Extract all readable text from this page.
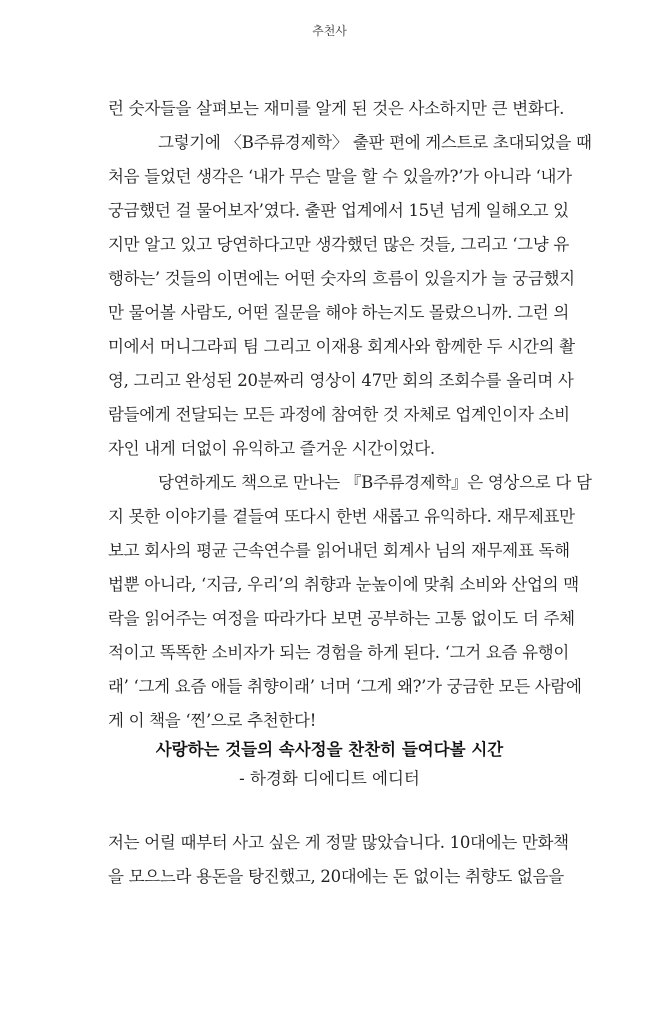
추천사
런 숫자들을 살펴보는 재미를 알게 된 것은 사소하지만 큰 변화다.
그렇기에 〈B주류경제학〉 출판 편에 게스트로 초대되었을 때
처음 들었던 생각은 ‘내가 무슨 말을 할 수 있을까?’가 아니라 ‘내가
궁금했던 걸 물어보자’였다. 출판 업계에서 15년 넘게 일해오고 있
지만 알고 있고 당연하다고만 생각했던 많은 것들, 그리고 ‘그냥 유
행하는’ 것들의 이면에는 어떤 숫자의 흐름이 있을지가 늘 궁금했지
만 물어볼 사람도, 어떤 질문을 해야 하는지도 몰랐으니까. 그런 의
미에서 머니그라피 팀 그리고 이재용 회계사와 함께한 두 시간의 촬
영, 그리고 완성된 20분짜리 영상이 47만 회의 조회수를 올리며 사
람들에게 전달되는 모든 과정에 참여한 것 자체로 업계인이자 소비
자인 내게 더없이 유익하고 즐거운 시간이었다.
당연하게도 책으로 만나는 『B주류경제학』은 영상으로 다 담
지 못한 이야기를 곁들여 또다시 한번 새롭고 유익하다. 재무제표만
보고 회사의 평균 근속연수를 읽어내던 회계사 님의 재무제표 독해
법뿐 아니라, ‘지금, 우리’의 취향과 눈높이에 맞춰 소비와 산업의 맥
락을 읽어주는 여정을 따라가다 보면 공부하는 고통 없이도 더 주체
적이고 똑똑한 소비자가 되는 경험을 하게 된다. ‘그거 요즘 유행이
래’ ‘그게 요즘 애들 취향이래’ 너머 ‘그게 왜?’가 궁금한 모든 사람에
게 이 책을 ‘찐’으로 추천한다!
사랑하는 것들의 속사정을 찬찬히 들여다볼 시간
- 하경화 디에디트 에디터
저는 어릴 때부터 사고 싶은 게 정말 많았습니다. 10대에는 만화책
을 모으느라 용돈을 탕진했고, 20대에는 돈 없이는 취향도 없음을
